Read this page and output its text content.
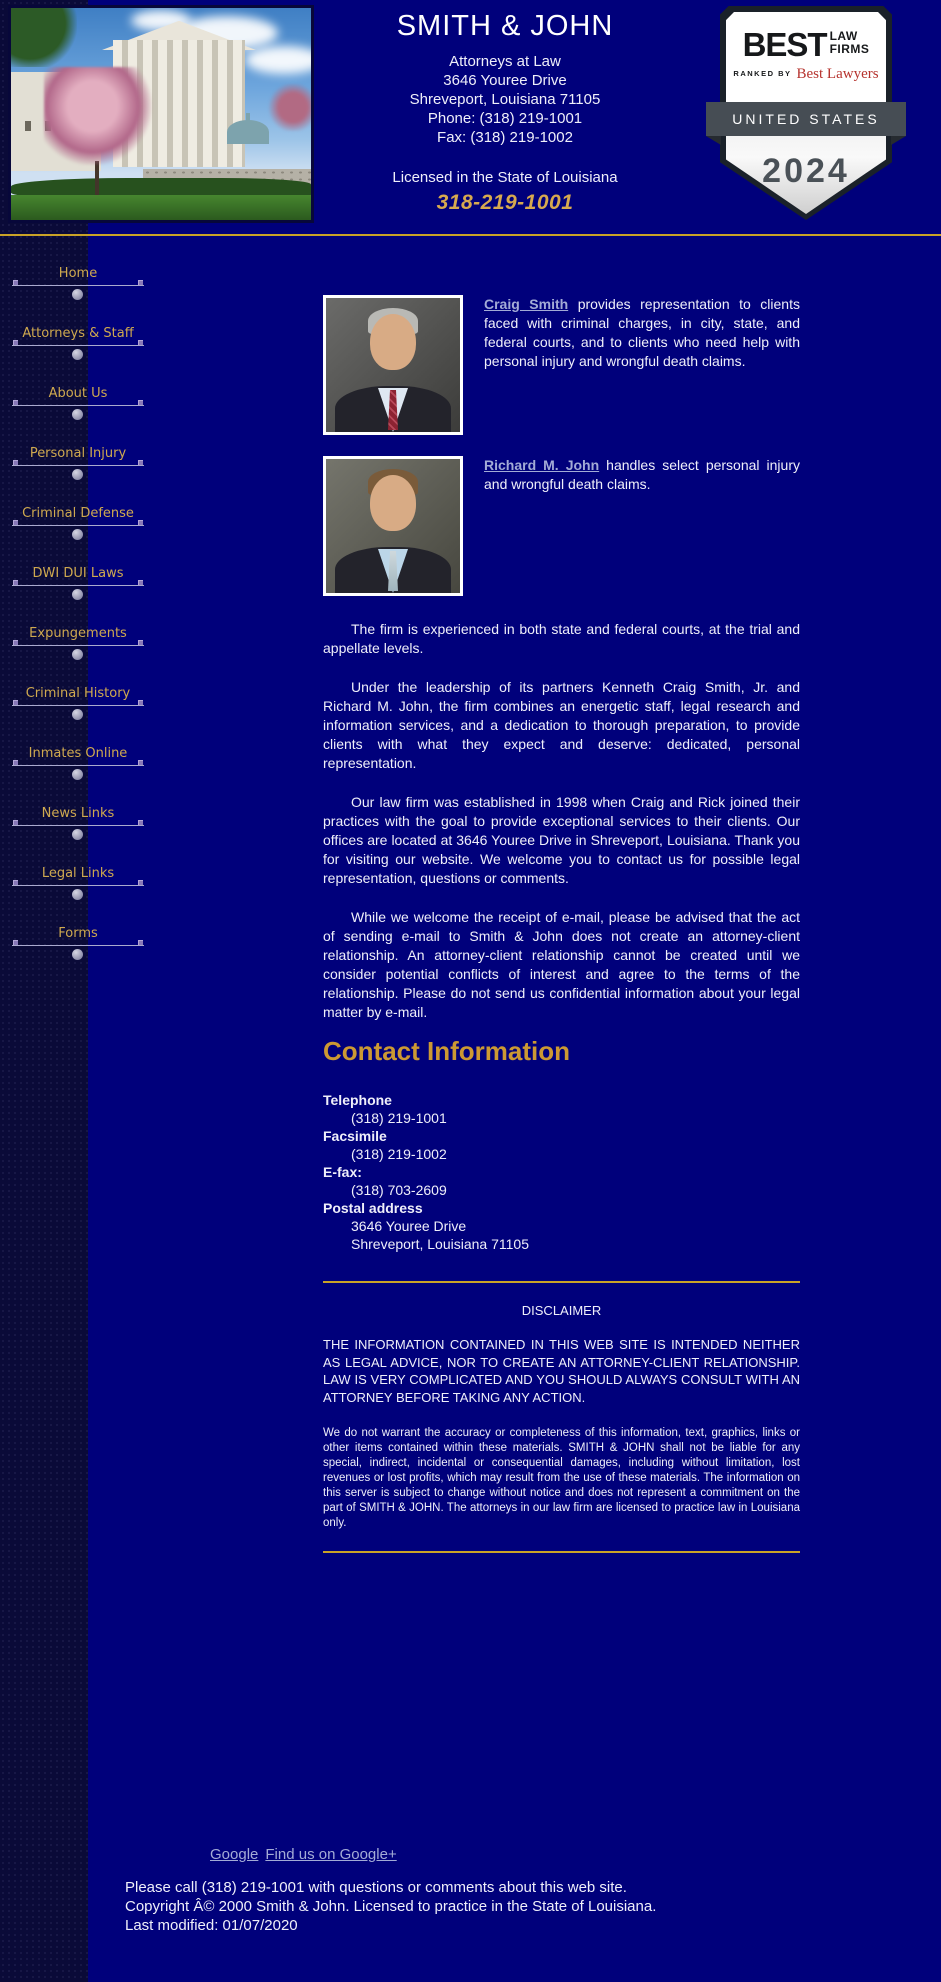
SMITH & JOHN
Attorneys at Law
3646 Youree Drive
Shreveport, Louisiana 71105
Phone: (318) 219-1001
Fax: (318) 219-1002
Licensed in the State of Louisiana
318-219-1001
BEST LAW
FIRMS
RANKED BY Best Lawyers
UNITED STATES
2024
Home
Attorneys & Staff
About Us
Personal Injury
Criminal Defense
DWI DUI Laws
Expungements
Criminal History
Inmates Online
News Links
Legal Links
Forms
Craig Smith provides representation to clients faced with criminal charges, in city, state, and federal courts, and to clients who need help with personal injury and wrongful death claims.
Richard M. John handles select personal injury and wrongful death claims.

The firm is experienced in both state and federal courts, at the trial and appellate levels.

Under the leadership of its partners Kenneth Craig Smith, Jr. and Richard M. John, the firm combines an energetic staff, legal research and information services, and a dedication to thorough preparation, to provide clients with what they expect and deserve: dedicated, personal representation.

Our law firm was established in 1998 when Craig and Rick joined their practices with the goal to provide exceptional services to their clients. Our offices are located at 3646 Youree Drive in Shreveport, Louisiana. Thank you for visiting our website. We welcome you to contact us for possible legal representation, questions or comments.

While we welcome the receipt of e-mail, please be advised that the act of sending e-mail to Smith & John does not create an attorney-client relationship. An attorney-client relationship cannot be created until we consider potential conflicts of interest and agree to the terms of the relationship. Please do not send us confidential information about your legal matter by e-mail.

Contact Information
Telephone
(318) 219-1001
Facsimile
(318) 219-1002
E-fax:
(318) 703-2609
Postal address
3646 Youree Drive
Shreveport, Louisiana 71105
DISCLAIMER

THE INFORMATION CONTAINED IN THIS WEB SITE IS INTENDED NEITHER AS LEGAL ADVICE, NOR TO CREATE AN ATTORNEY-CLIENT RELATIONSHIP. LAW IS VERY COMPLICATED AND YOU SHOULD ALWAYS CONSULT WITH AN ATTORNEY BEFORE TAKING ANY ACTION.

We do not warrant the accuracy or completeness of this information, text, graphics, links or other items contained within these materials. SMITH & JOHN shall not be liable for any special, indirect, incidental or consequential damages, including without limitation, lost revenues or lost profits, which may result from the use of these materials. The information on this server is subject to change without notice and does not represent a commitment on the part of SMITH & JOHN. The attorneys in our law firm are licensed to practice law in Louisiana only.

Google Find us on Google+
Please call (318) 219-1001 with questions or comments about this web site.
Copyright Â© 2000 Smith & John. Licensed to practice in the State of Louisiana.
Last modified: 01/07/2020
